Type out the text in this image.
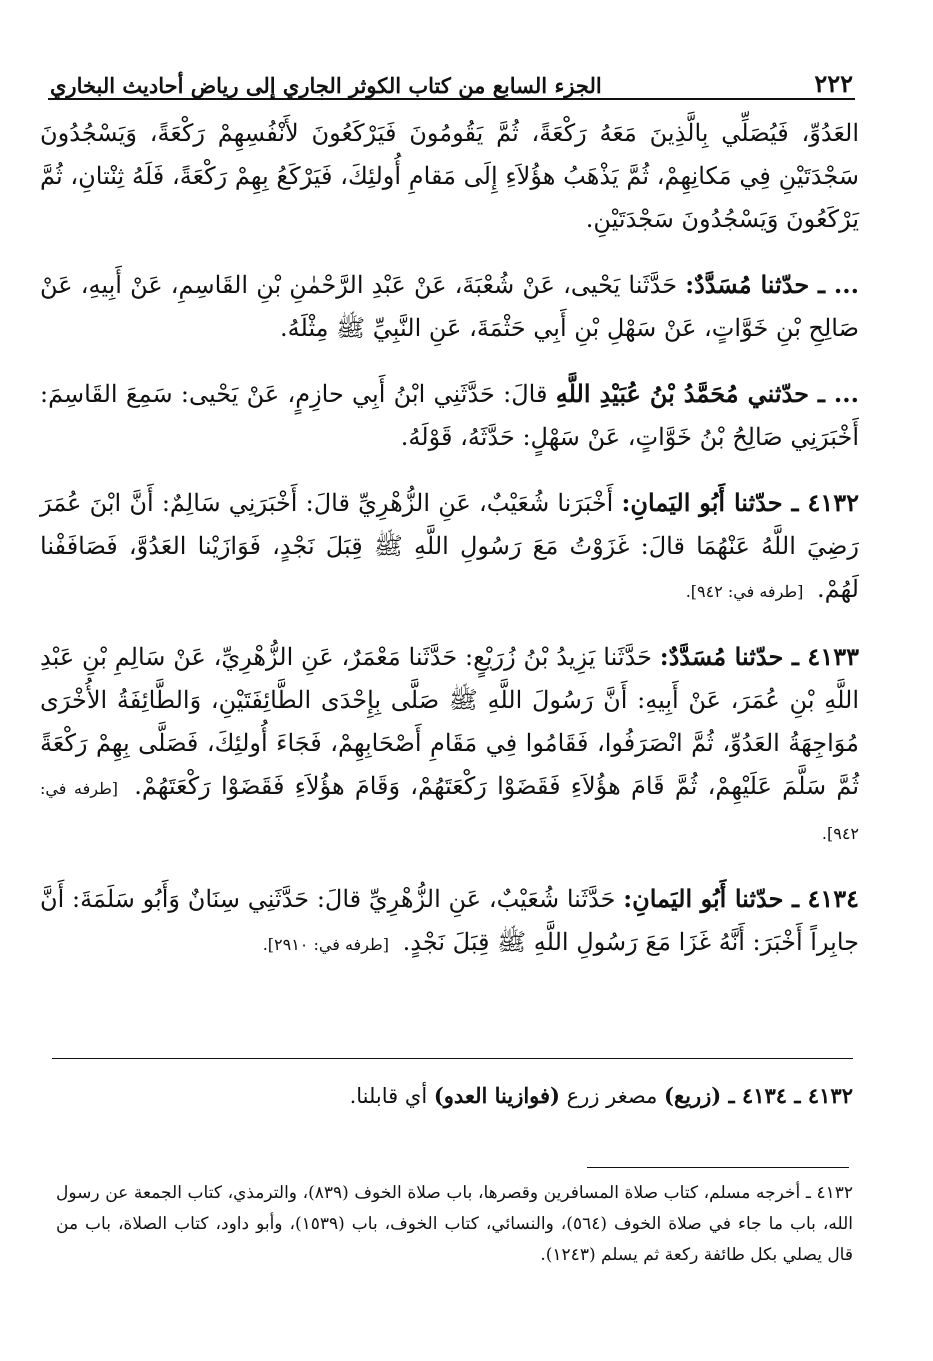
٢٢٢
الجزء السابع من كتاب الكوثر الجاري إلى رياض أحاديث البخاري

العَدُوِّ، فَيُصَلِّي بِالَّذِينَ مَعَهُ رَكْعَةً، ثُمَّ يَقُومُونَ فَيَرْكَعُونَ لأَنْفُسِهِمْ رَكْعَةً، وَيَسْجُدُونَ سَجْدَتَيْنِ فِي مَكانِهِمْ، ثُمَّ يَذْهَبُ هؤُلاَءِ إِلَى مَقامِ أُولئِكَ، فَيَرْكَعُ بِهِمْ رَكْعَةً، فَلَهُ ثِنْتانِ، ثُمَّ يَرْكَعُونَ وَيَسْجُدُونَ سَجْدَتَيْنِ.

... ـ حدّثنا مُسَدَّدٌ: حَدَّثَنا يَحْيى، عَنْ شُعْبَةَ، عَنْ عَبْدِ الرَّحْمٰنِ بْنِ القَاسِمِ، عَنْ أَبِيهِ، عَنْ صَالِحِ بْنِ خَوَّاتٍ، عَنْ سَهْلِ بْنِ أَبِي حَثْمَةَ، عَنِ النَّبِيِّ ﷺ مِثْلَهُ.

... ـ حدّثني مُحَمَّدُ بْنُ عُبَيْدِ اللَّهِ قالَ: حَدَّثَنِي ابْنُ أَبِي حازِمٍ، عَنْ يَحْيى: سَمِعَ القَاسِمَ: أَخْبَرَنِي صَالِحُ بْنُ خَوَّاتٍ، عَنْ سَهْلٍ: حَدَّثَهُ، قَوْلَهُ.

٤١٣٢ ـ حدّثنا أَبُو اليَمانِ: أَخْبَرَنا شُعَيْبٌ، عَنِ الزُّهْرِيِّ قالَ: أَخْبَرَنِي سَالِمٌ: أَنَّ ابْنَ عُمَرَ رَضِيَ اللَّهُ عَنْهُمَا قالَ: غَزَوْتُ مَعَ رَسُولِ اللَّهِ ﷺ قِبَلَ نَجْدٍ، فَوَازَيْنا العَدُوَّ، فَصَافَفْنا لَهُمْ. [طرفه في: ٩٤٢].

٤١٣٣ ـ حدّثنا مُسَدَّدٌ: حَدَّثَنا يَزِيدُ بْنُ زُرَيْعٍ: حَدَّثَنا مَعْمَرٌ، عَنِ الزُّهْرِيِّ، عَنْ سَالِمِ بْنِ عَبْدِ اللَّهِ بْنِ عُمَرَ، عَنْ أَبِيهِ: أَنَّ رَسُولَ اللَّهِ ﷺ صَلَّى بِإِحْدَى الطَّائِفَتَيْنِ، وَالطَّائِفَةُ الأُخْرَى مُوَاجِهَةُ العَدُوِّ، ثُمَّ انْصَرَفُوا، فَقَامُوا فِي مَقَامِ أَصْحَابِهِمْ، فَجَاءَ أُولئِكَ، فَصَلَّى بِهِمْ رَكْعَةً ثُمَّ سَلَّمَ عَلَيْهِمْ، ثُمَّ قَامَ هؤُلاَءِ فَقَضَوْا رَكْعَتَهُمْ، وَقَامَ هؤُلاَءِ فَقَضَوْا رَكْعَتَهُمْ. [طرفه في: ٩٤٢].

٤١٣٤ ـ حدّثنا أَبُو اليَمانِ: حَدَّثَنا شُعَيْبٌ، عَنِ الزُّهْرِيِّ قالَ: حَدَّثَنِي سِنَانٌ وَأَبُو سَلَمَةَ: أَنَّ جابِراً أَخْبَرَ: أَنَّهُ غَزَا مَعَ رَسُولِ اللَّهِ ﷺ قِبَلَ نَجْدٍ. [طرفه في: ٢٩١٠].

٤١٣٢ ـ ٤١٣٤ ـ (زريع) مصغر زرع (فوازينا العدو) أي قابلنا.
٤١٣٢ ـ أخرجه مسلم، كتاب صلاة المسافرين وقصرها، باب صلاة الخوف (٨٣٩)، والترمذي، كتاب الجمعة عن رسول الله، باب ما جاء في صلاة الخوف (٥٦٤)، والنسائي، كتاب الخوف، باب (١٥٣٩)، وأبو داود، كتاب الصلاة، باب من قال يصلي بكل طائفة ركعة ثم يسلم (١٢٤٣).
